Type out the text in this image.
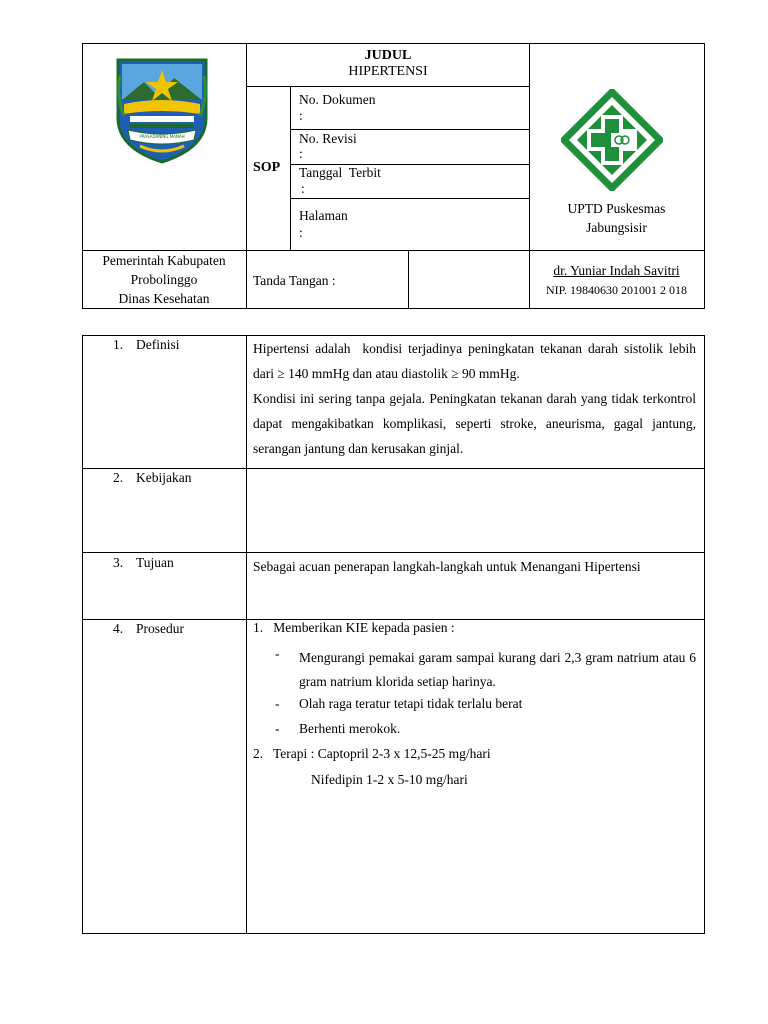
PRASADANING MANAH
JUDUL
HIPERTENSI
SOP
No. Dokumen
:
No. Revisi
:
Tanggal  Terbit
:
Halaman
:
UPTD Puskesmas
Jabungsisir
Pemerintah Kabupaten
Probolinggo
Dinas Kesehatan
Tanda Tangan :
dr. Yuniar Indah Savitri
NIP. 19840630 201001 2 018
1. Definisi
2. Kebijakan
3. Tujuan
4. Prosedur
Hipertensi adalah  kondisi terjadinya peningkatan tekanan darah sistolik lebih dari ≥ 140 mmHg dan atau diastolik ≥ 90 mmHg.
Kondisi ini sering tanpa gejala. Peningkatan tekanan darah yang tidak terkontrol dapat mengakibatkan komplikasi, seperti stroke, aneurisma, gagal jantung, serangan jantung dan kerusakan ginjal.
Sebagai acuan penerapan langkah-langkah untuk Menangani Hipertensi
1.   Memberikan KIE kepada pasien :
- Mengurangi pemakai garam sampai kurang dari 2,3 gram natrium atau 6 gram natrium klorida setiap harinya.
- Olah raga teratur tetapi tidak terlalu berat
- Berhenti merokok.
2.   Terapi : Captopril 2-3 x 12,5-25 mg/hari
Nifedipin 1-2 x 5-10 mg/hari
